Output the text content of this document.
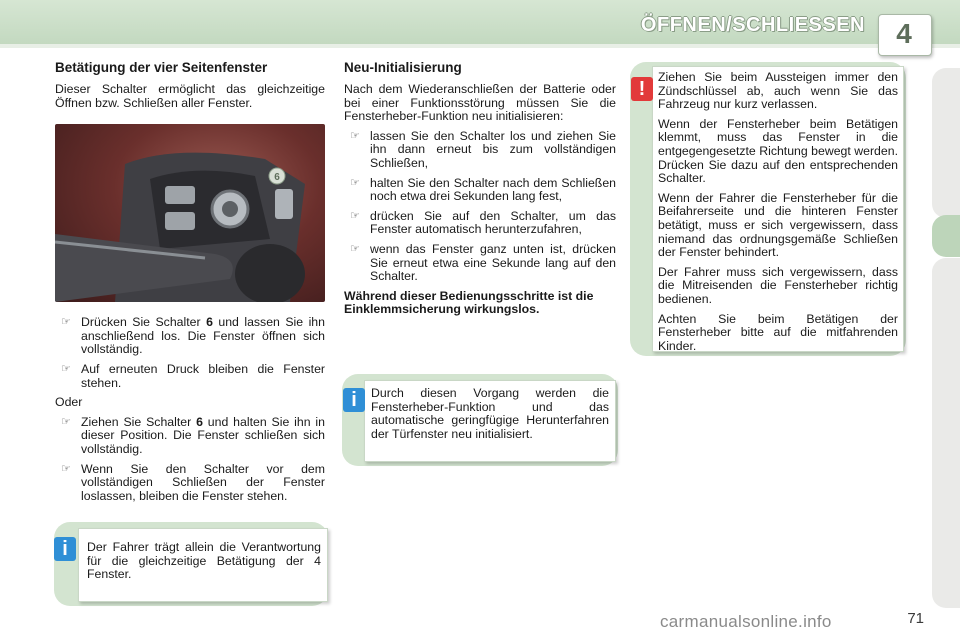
ÖFFNEN/SCHLIESSEN	4
Betätigung der vier Seitenfenster

Dieser Schalter ermöglicht das gleichzeitige Öffnen bzw. Schließen aller Fenster.

6
☞ Drücken Sie Schalter 6 und lassen Sie ihn anschließend los. Die Fenster öffnen sich vollständig.
☞ Auf erneuten Druck bleiben die Fenster stehen.

Oder

☞ Ziehen Sie Schalter 6 und halten Sie ihn in dieser Position. Die Fenster schließen sich vollständig.
☞ Wenn Sie den Schalter vor dem vollständigen Schließen der Fenster loslassen, bleiben die Fenster stehen.
Neu-Initialisierung

Nach dem Wiederanschließen der Batterie oder bei einer Funktionsstörung müssen Sie die Fensterheber-Funktion neu initialisieren:

☞ lassen Sie den Schalter los und ziehen Sie ihn dann erneut bis zum vollständigen Schließen,
☞ halten Sie den Schalter nach dem Schließen noch etwa drei Sekunden lang fest,
☞ drücken Sie auf den Schalter, um das Fenster automatisch herunterzufahren,
☞ wenn das Fenster ganz unten ist, drücken Sie erneut etwa eine Sekunde lang auf den Schalter.

Während dieser Bedienungsschritte ist die Einklemmsicherung wirkungslos.

Durch diesen Vorgang werden die Fensterheber-Funktion und das automatische geringfügige Herunterfahren der Türfenster neu initialisiert.

i

Der Fahrer trägt allein die Verantwortung für die gleichzeitige Betätigung der 4 Fenster.

i

Ziehen Sie beim Aussteigen immer den Zündschlüssel ab, auch wenn Sie das Fahrzeug nur kurz verlassen.

Wenn der Fensterheber beim Betätigen klemmt, muss das Fenster in die entgegengesetzte Richtung bewegt werden. Drücken Sie dazu auf den entsprechenden Schalter.

Wenn der Fahrer die Fensterheber für die Beifahrerseite und die hinteren Fenster betätigt, muss er sich vergewissern, dass niemand das ordnungsgemäße Schließen der Fenster behindert.

Der Fahrer muss sich vergewissern, dass die Mitreisenden die Fensterheber richtig bedienen.

Achten Sie beim Betätigen der Fensterheber bitte auf die mitfahrenden Kinder.

!
71
carmanualsonline.info
